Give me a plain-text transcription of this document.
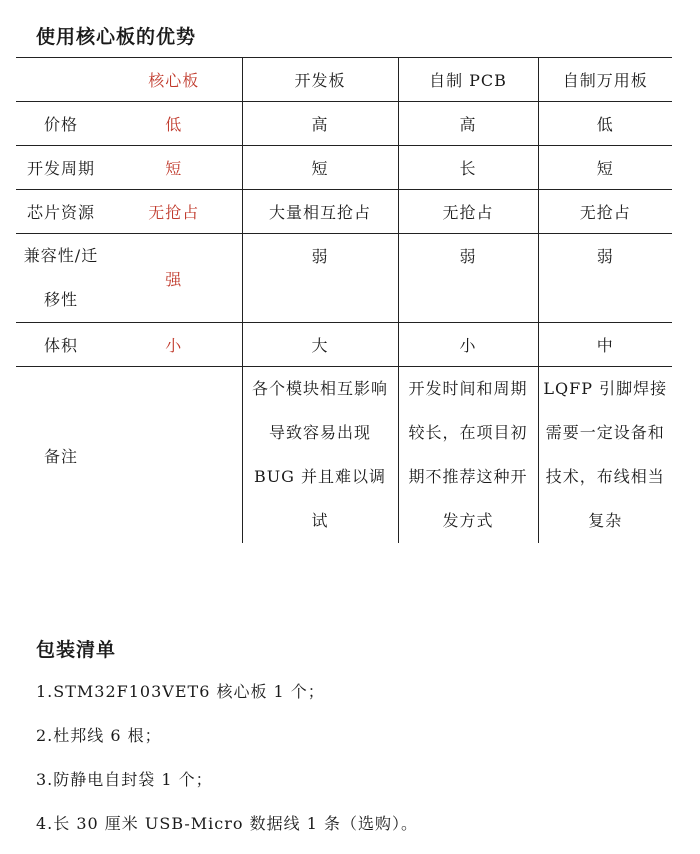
使用核心板的优势
	核心板	开发板	自制 PCB	自制万用板
价格	低	高	高	低
开发周期	短	短	长	短
芯片资源	无抢占	大量相互抢占	无抢占	无抢占
兼容性/迁移性	强	弱	弱	弱
体积	小	大	小	中
备注		各个模块相互影响导致容易出现 BUG 并且难以调试	开发时间和周期较长，在项目初期不推荐这种开发方式	LQFP 引脚焊接需要一定设备和技术，布线相当复杂
包装清单
1.STM32F103VET6 核心板 1 个；
2.杜邦线 6 根；
3.防静电自封袋 1 个；
4.长 30 厘米 USB-Micro 数据线 1 条（选购）。
